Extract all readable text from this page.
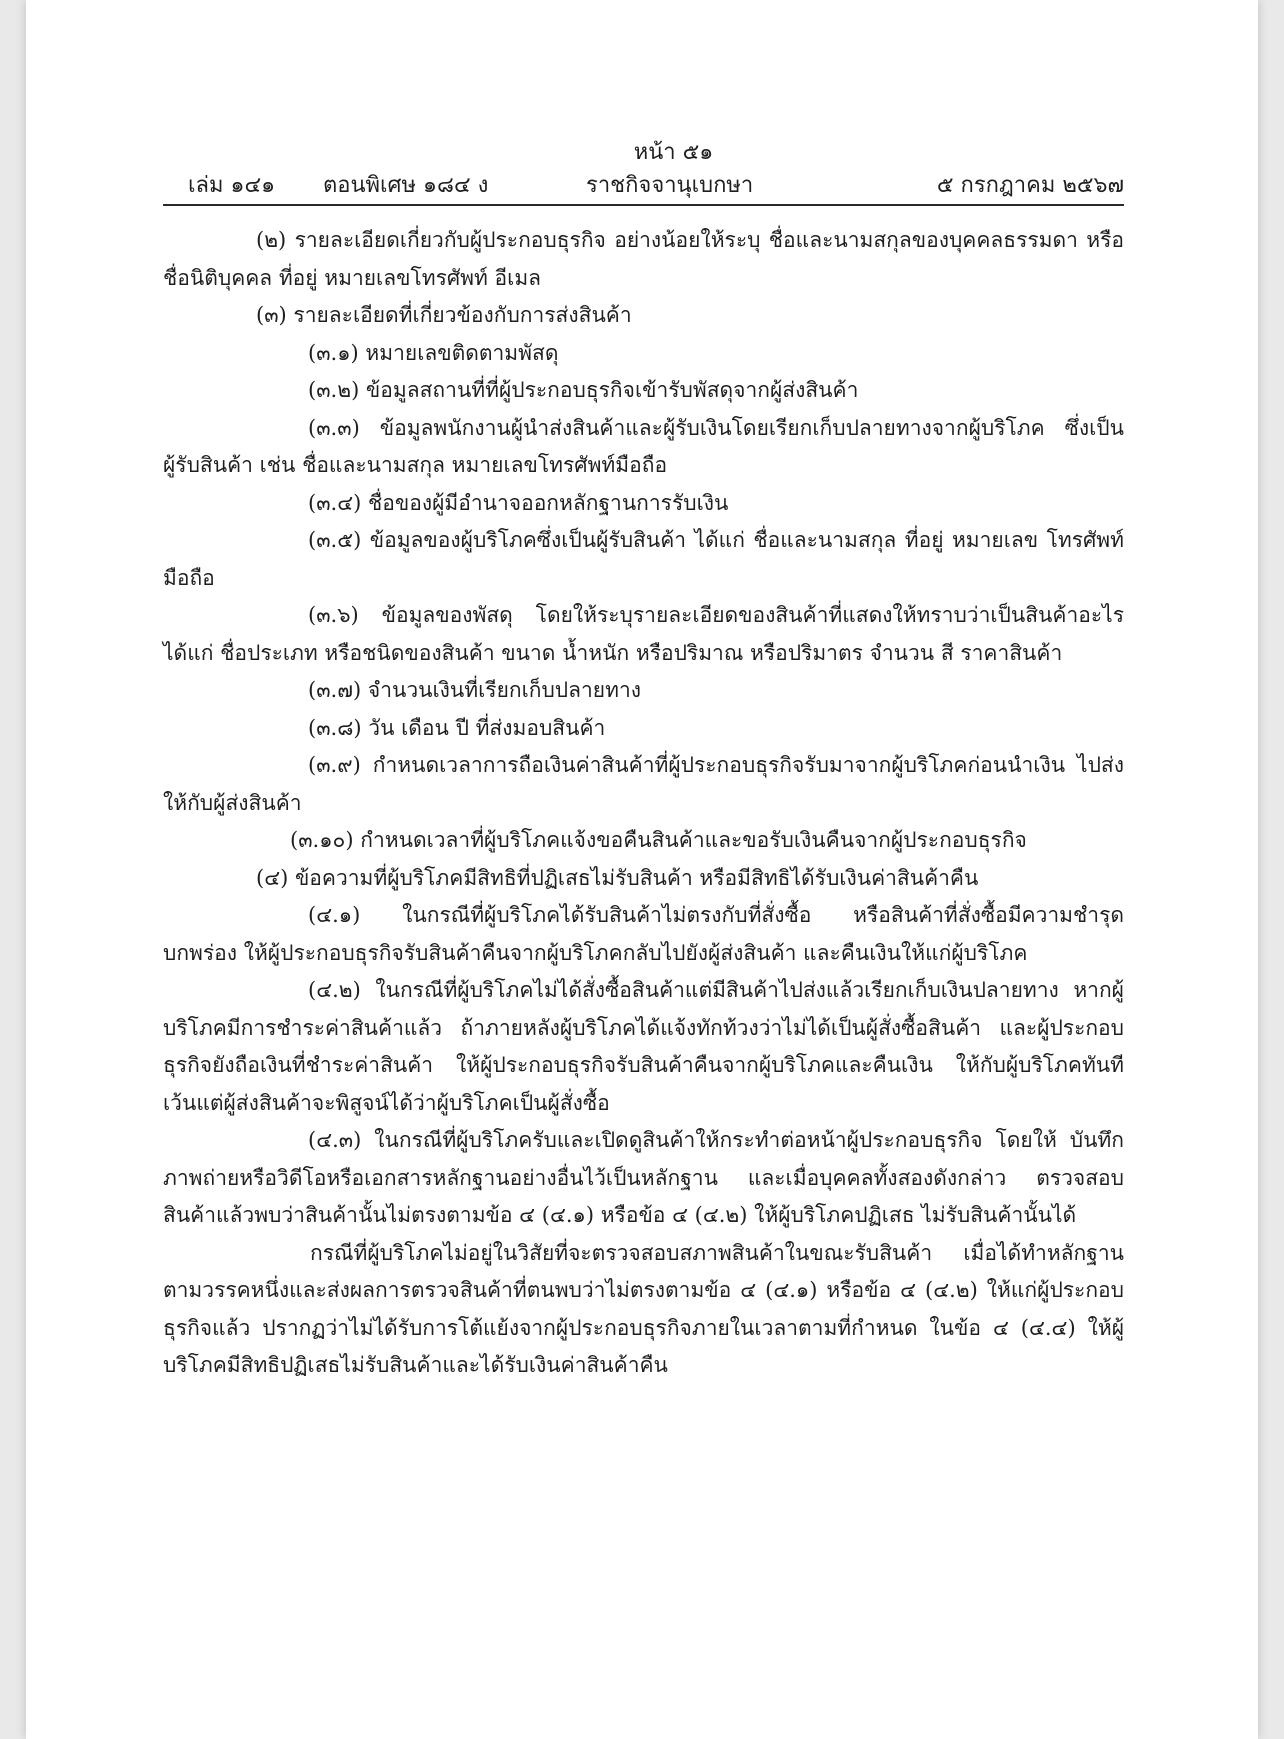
หน้า ๕๑
เล่ม ๑๔๑ ตอนพิเศษ ๑๘๔ ง	ราชกิจจานุเบกษา	๕ กรกฎาคม ๒๕๖๗

(๒) รายละเอียดเกี่ยวกับผู้ประกอบธุรกิจ อย่างน้อยให้ระบุ ชื่อและนามสกุลของบุคคลธรรมดา หรือชื่อนิติบุคคล ที่อยู่ หมายเลขโทรศัพท์ อีเมล

(๓) รายละเอียดที่เกี่ยวข้องกับการส่งสินค้า

(๓.๑) หมายเลขติดตามพัสดุ

(๓.๒) ข้อมูลสถานที่ที่ผู้ประกอบธุรกิจเข้ารับพัสดุจากผู้ส่งสินค้า

(๓.๓) ข้อมูลพนักงานผู้นำส่งสินค้าและผู้รับเงินโดยเรียกเก็บปลายทางจากผู้บริโภค ซึ่งเป็นผู้รับสินค้า เช่น ชื่อและนามสกุล หมายเลขโทรศัพท์มือถือ

(๓.๔) ชื่อของผู้มีอำนาจออกหลักฐานการรับเงิน

(๓.๕) ข้อมูลของผู้บริโภคซึ่งเป็นผู้รับสินค้า ได้แก่ ชื่อและนามสกุล ที่อยู่ หมายเลข โทรศัพท์มือถือ

(๓.๖) ข้อมูลของพัสดุ โดยให้ระบุรายละเอียดของสินค้าที่แสดงให้ทราบว่าเป็นสินค้าอะไร ได้แก่ ชื่อประเภท หรือชนิดของสินค้า ขนาด น้ำหนัก หรือปริมาณ หรือปริมาตร จำนวน สี ราคาสินค้า

(๓.๗) จำนวนเงินที่เรียกเก็บปลายทาง

(๓.๘) วัน เดือน ปี ที่ส่งมอบสินค้า

(๓.๙) กำหนดเวลาการถือเงินค่าสินค้าที่ผู้ประกอบธุรกิจรับมาจากผู้บริโภคก่อนนำเงิน ไปส่งให้กับผู้ส่งสินค้า

(๓.๑๐) กำหนดเวลาที่ผู้บริโภคแจ้งขอคืนสินค้าและขอรับเงินคืนจากผู้ประกอบธุรกิจ

(๔) ข้อความที่ผู้บริโภคมีสิทธิที่ปฏิเสธไม่รับสินค้า หรือมีสิทธิได้รับเงินค่าสินค้าคืน

(๔.๑) ในกรณีที่ผู้บริโภคได้รับสินค้าไม่ตรงกับที่สั่งซื้อ หรือสินค้าที่สั่งซื้อมีความชำรุด บกพร่อง ให้ผู้ประกอบธุรกิจรับสินค้าคืนจากผู้บริโภคกลับไปยังผู้ส่งสินค้า และคืนเงินให้แก่ผู้บริโภค

(๔.๒) ในกรณีที่ผู้บริโภคไม่ได้สั่งซื้อสินค้าแต่มีสินค้าไปส่งแล้วเรียกเก็บเงินปลายทาง หากผู้บริโภคมีการชำระค่าสินค้าแล้ว ถ้าภายหลังผู้บริโภคได้แจ้งทักท้วงว่าไม่ได้เป็นผู้สั่งซื้อสินค้า และผู้ประกอบธุรกิจยังถือเงินที่ชำระค่าสินค้า ให้ผู้ประกอบธุรกิจรับสินค้าคืนจากผู้บริโภคและคืนเงิน ให้กับผู้บริโภคทันที เว้นแต่ผู้ส่งสินค้าจะพิสูจน์ได้ว่าผู้บริโภคเป็นผู้สั่งซื้อ

(๔.๓) ในกรณีที่ผู้บริโภครับและเปิดดูสินค้าให้กระทำต่อหน้าผู้ประกอบธุรกิจ โดยให้ บันทึกภาพถ่ายหรือวิดีโอหรือเอกสารหลักฐานอย่างอื่นไว้เป็นหลักฐาน และเมื่อบุคคลทั้งสองดังกล่าว ตรวจสอบสินค้าแล้วพบว่าสินค้านั้นไม่ตรงตามข้อ ๔ (๔.๑) หรือข้อ ๔ (๔.๒) ให้ผู้บริโภคปฏิเสธ ไม่รับสินค้านั้นได้

กรณีที่ผู้บริโภคไม่อยู่ในวิสัยที่จะตรวจสอบสภาพสินค้าในขณะรับสินค้า เมื่อได้ทำหลักฐาน ตามวรรคหนึ่งและส่งผลการตรวจสินค้าที่ตนพบว่าไม่ตรงตามข้อ ๔ (๔.๑) หรือข้อ ๔ (๔.๒) ให้แก่ผู้ประกอบธุรกิจแล้ว ปรากฏว่าไม่ได้รับการโต้แย้งจากผู้ประกอบธุรกิจภายในเวลาตามที่กำหนด ในข้อ ๔ (๔.๔) ให้ผู้บริโภคมีสิทธิปฏิเสธไม่รับสินค้าและได้รับเงินค่าสินค้าคืน
